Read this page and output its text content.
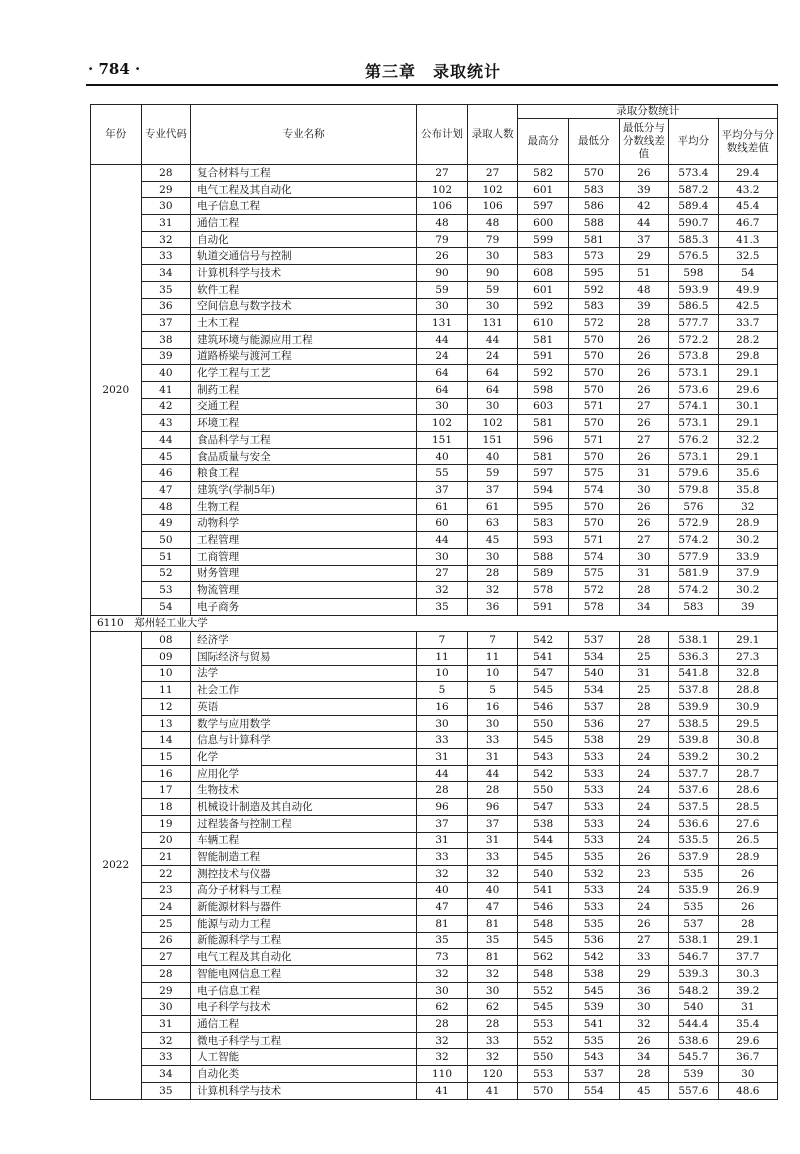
· 784 ·	第三章　录取统计
年份	专业代码	专业名称	公布计划	录取人数	录取分数统计				
					最高分	最低分	最低分与分数线差值	平均分	平均分与分数线差值
2020	28	复合材料与工程	27	27	582	570	26	573.4	29.4
	29	电气工程及其自动化	102	102	601	583	39	587.2	43.2
	30	电子信息工程	106	106	597	586	42	589.4	45.4
	31	通信工程	48	48	600	588	44	590.7	46.7
	32	自动化	79	79	599	581	37	585.3	41.3
	33	轨道交通信号与控制	26	30	583	573	29	576.5	32.5
	34	计算机科学与技术	90	90	608	595	51	598	54
	35	软件工程	59	59	601	592	48	593.9	49.9
	36	空间信息与数字技术	30	30	592	583	39	586.5	42.5
	37	土木工程	131	131	610	572	28	577.7	33.7
	38	建筑环境与能源应用工程	44	44	581	570	26	572.2	28.2
	39	道路桥梁与渡河工程	24	24	591	570	26	573.8	29.8
	40	化学工程与工艺	64	64	592	570	26	573.1	29.1
	41	制药工程	64	64	598	570	26	573.6	29.6
	42	交通工程	30	30	603	571	27	574.1	30.1
	43	环境工程	102	102	581	570	26	573.1	29.1
	44	食品科学与工程	151	151	596	571	27	576.2	32.2
	45	食品质量与安全	40	40	581	570	26	573.1	29.1
	46	粮食工程	55	59	597	575	31	579.6	35.6
	47	建筑学(学制5年)	37	37	594	574	30	579.8	35.8
	48	生物工程	61	61	595	570	26	576	32
	49	动物科学	60	63	583	570	26	572.9	28.9
	50	工程管理	44	45	593	571	27	574.2	30.2
	51	工商管理	30	30	588	574	30	577.9	33.9
	52	财务管理	27	28	589	575	31	581.9	37.9
	53	物流管理	32	32	578	572	28	574.2	30.2
	54	电子商务	35	36	591	578	34	583	39
6110　郑州轻工业大学									
2022	08	经济学	7	7	542	537	28	538.1	29.1
	09	国际经济与贸易	11	11	541	534	25	536.3	27.3
	10	法学	10	10	547	540	31	541.8	32.8
	11	社会工作	5	5	545	534	25	537.8	28.8
	12	英语	16	16	546	537	28	539.9	30.9
	13	数学与应用数学	30	30	550	536	27	538.5	29.5
	14	信息与计算科学	33	33	545	538	29	539.8	30.8
	15	化学	31	31	543	533	24	539.2	30.2
	16	应用化学	44	44	542	533	24	537.7	28.7
	17	生物技术	28	28	550	533	24	537.6	28.6
	18	机械设计制造及其自动化	96	96	547	533	24	537.5	28.5
	19	过程装备与控制工程	37	37	538	533	24	536.6	27.6
	20	车辆工程	31	31	544	533	24	535.5	26.5
	21	智能制造工程	33	33	545	535	26	537.9	28.9
	22	测控技术与仪器	32	32	540	532	23	535	26
	23	高分子材料与工程	40	40	541	533	24	535.9	26.9
	24	新能源材料与器件	47	47	546	533	24	535	26
	25	能源与动力工程	81	81	548	535	26	537	28
	26	新能源科学与工程	35	35	545	536	27	538.1	29.1
	27	电气工程及其自动化	73	81	562	542	33	546.7	37.7
	28	智能电网信息工程	32	32	548	538	29	539.3	30.3
	29	电子信息工程	30	30	552	545	36	548.2	39.2
	30	电子科学与技术	62	62	545	539	30	540	31
	31	通信工程	28	28	553	541	32	544.4	35.4
	32	微电子科学与工程	32	33	552	535	26	538.6	29.6
	33	人工智能	32	32	550	543	34	545.7	36.7
	34	自动化类	110	120	553	537	28	539	30
	35	计算机科学与技术	41	41	570	554	45	557.6	48.6
